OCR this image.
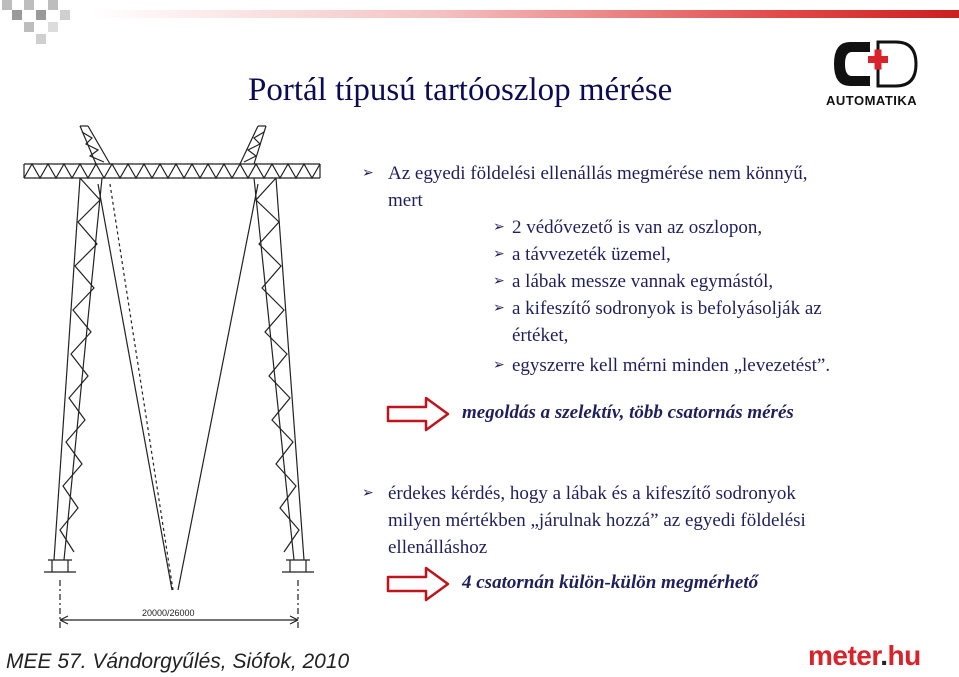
AUTOMATIKA
Portál típusú tartóoszlop mérése
20000/26000
➢ Az egyedi földelési ellenállás megmérése nem könnyű,
mert
➢ 2 védővezető is van az oszlopon,
➢ a távvezeték üzemel,
➢ a lábak messze vannak egymástól,
➢ a kifeszítő sodronyok is befolyásolják az
értéket,
➢ egyszerre kell mérni minden „levezetést”.
megoldás a szelektív, több csatornás mérés
➢ érdekes kérdés, hogy a lábak és a kifeszítő sodronyok
milyen mértékben „járulnak hozzá” az egyedi földelési
ellenálláshoz
4 csatornán külön-külön megmérhető
MEE 57. Vándorgyűlés, Siófok, 2010	meter.hu
